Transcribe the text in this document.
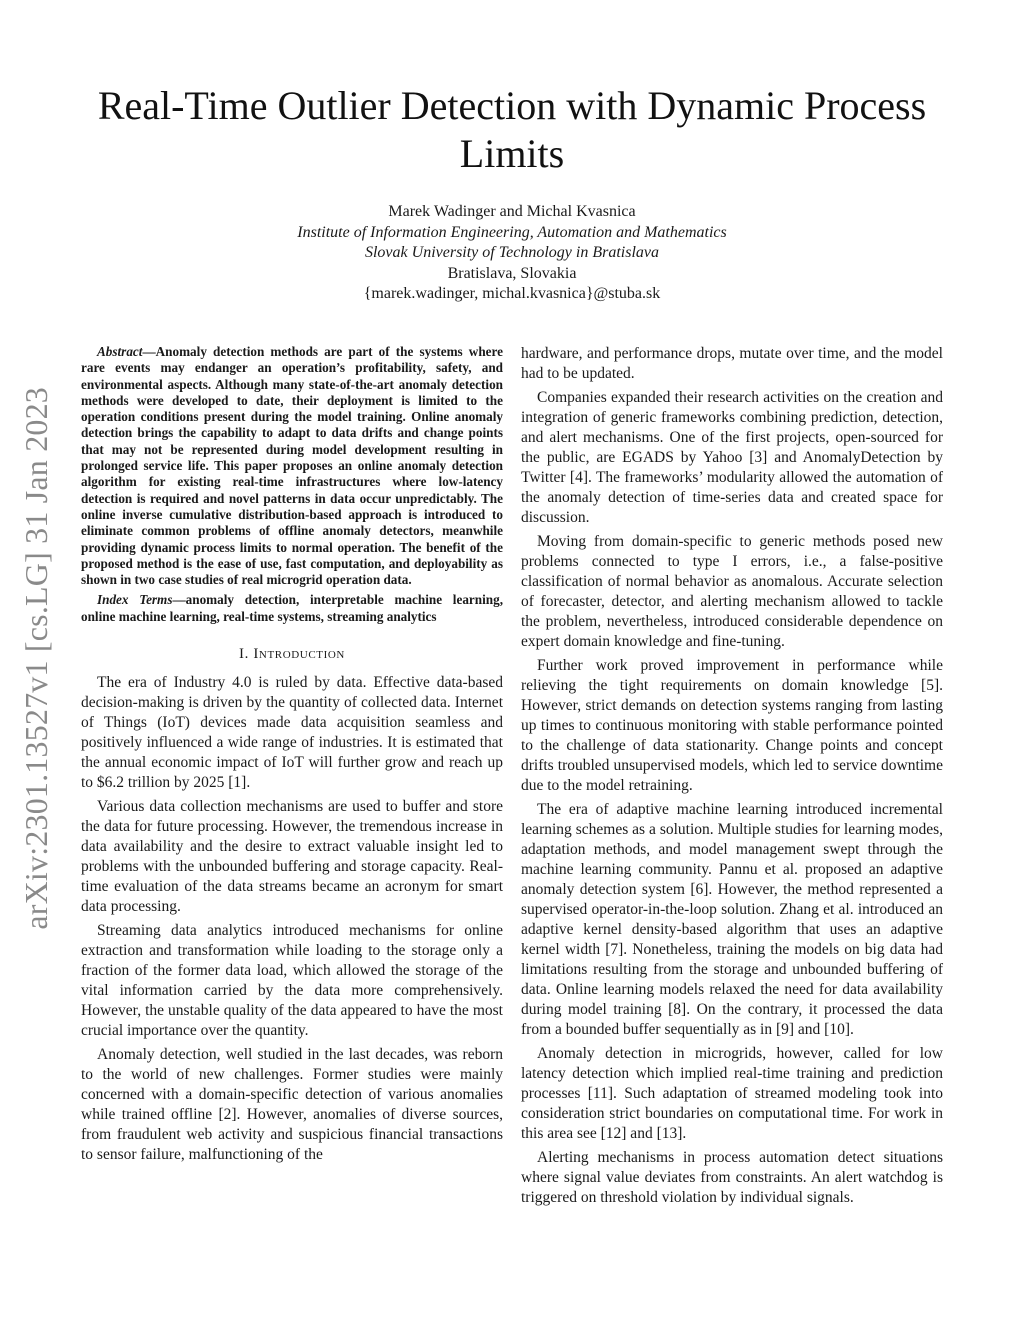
arXiv:2301.13527v1 [cs.LG] 31 Jan 2023
Real-Time Outlier Detection with Dynamic Process Limits
Marek Wadinger and Michal Kvasnica
Institute of Information Engineering, Automation and Mathematics
Slovak University of Technology in Bratislava
Bratislava, Slovakia
{marek.wadinger, michal.kvasnica}@stuba.sk

Abstract—Anomaly detection methods are part of the systems where rare events may endanger an operation’s profitability, safety, and environmental aspects. Although many state-of-the-art anomaly detection methods were developed to date, their deployment is limited to the operation conditions present during the model training. Online anomaly detection brings the capability to adapt to data drifts and change points that may not be represented during model development resulting in prolonged service life. This paper proposes an online anomaly detection algorithm for existing real-time infrastructures where low-latency detection is required and novel patterns in data occur unpredictably. The online inverse cumulative distribution-based approach is introduced to eliminate common problems of offline anomaly detectors, meanwhile providing dynamic process limits to normal operation. The benefit of the proposed method is the ease of use, fast computation, and deployability as shown in two case studies of real microgrid operation data.

Index Terms—anomaly detection, interpretable machine learning, online machine learning, real-time systems, streaming analytics

I. Introduction

The era of Industry 4.0 is ruled by data. Effective data-based decision-making is driven by the quantity of collected data. Internet of Things (IoT) devices made data acquisition seamless and positively influenced a wide range of industries. It is estimated that the annual economic impact of IoT will further grow and reach up to $6.2 trillion by 2025 [1].

Various data collection mechanisms are used to buffer and store the data for future processing. However, the tremendous increase in data availability and the desire to extract valuable insight led to problems with the unbounded buffering and storage capacity. Real-time evaluation of the data streams became an acronym for smart data processing.

Streaming data analytics introduced mechanisms for online extraction and transformation while loading to the storage only a fraction of the former data load, which allowed the storage of the vital information carried by the data more comprehensively. However, the unstable quality of the data appeared to have the most crucial importance over the quantity.

Anomaly detection, well studied in the last decades, was reborn to the world of new challenges. Former studies were mainly concerned with a domain-specific detection of various anomalies while trained offline [2]. However, anomalies of diverse sources, from fraudulent web activity and suspicious financial transactions to sensor failure, malfunctioning of the

hardware, and performance drops, mutate over time, and the model had to be updated.

Companies expanded their research activities on the creation and integration of generic frameworks combining prediction, detection, and alert mechanisms. One of the first projects, open-sourced for the public, are EGADS by Yahoo [3] and AnomalyDetection by Twitter [4]. The frameworks’ modularity allowed the automation of the anomaly detection of time-series data and created space for discussion.

Moving from domain-specific to generic methods posed new problems connected to type I errors, i.e., a false-positive classification of normal behavior as anomalous. Accurate selection of forecaster, detector, and alerting mechanism allowed to tackle the problem, nevertheless, introduced considerable dependence on expert domain knowledge and fine-tuning.

Further work proved improvement in performance while relieving the tight requirements on domain knowledge [5]. However, strict demands on detection systems ranging from lasting up times to continuous monitoring with stable performance pointed to the challenge of data stationarity. Change points and concept drifts troubled unsupervised models, which led to service downtime due to the model retraining.

The era of adaptive machine learning introduced incremental learning schemes as a solution. Multiple studies for learning modes, adaptation methods, and model management swept through the machine learning community. Pannu et al. proposed an adaptive anomaly detection system [6]. However, the method represented a supervised operator-in-the-loop solution. Zhang et al. introduced an adaptive kernel density-based algorithm that uses an adaptive kernel width [7]. Nonetheless, training the models on big data had limitations resulting from the storage and unbounded buffering of data. Online learning models relaxed the need for data availability during model training [8]. On the contrary, it processed the data from a bounded buffer sequentially as in [9] and [10].

Anomaly detection in microgrids, however, called for low latency detection which implied real-time training and prediction processes [11]. Such adaptation of streamed modeling took into consideration strict boundaries on computational time. For work in this area see [12] and [13].

Alerting mechanisms in process automation detect situations where signal value deviates from constraints. An alert watchdog is triggered on threshold violation by individual signals.
